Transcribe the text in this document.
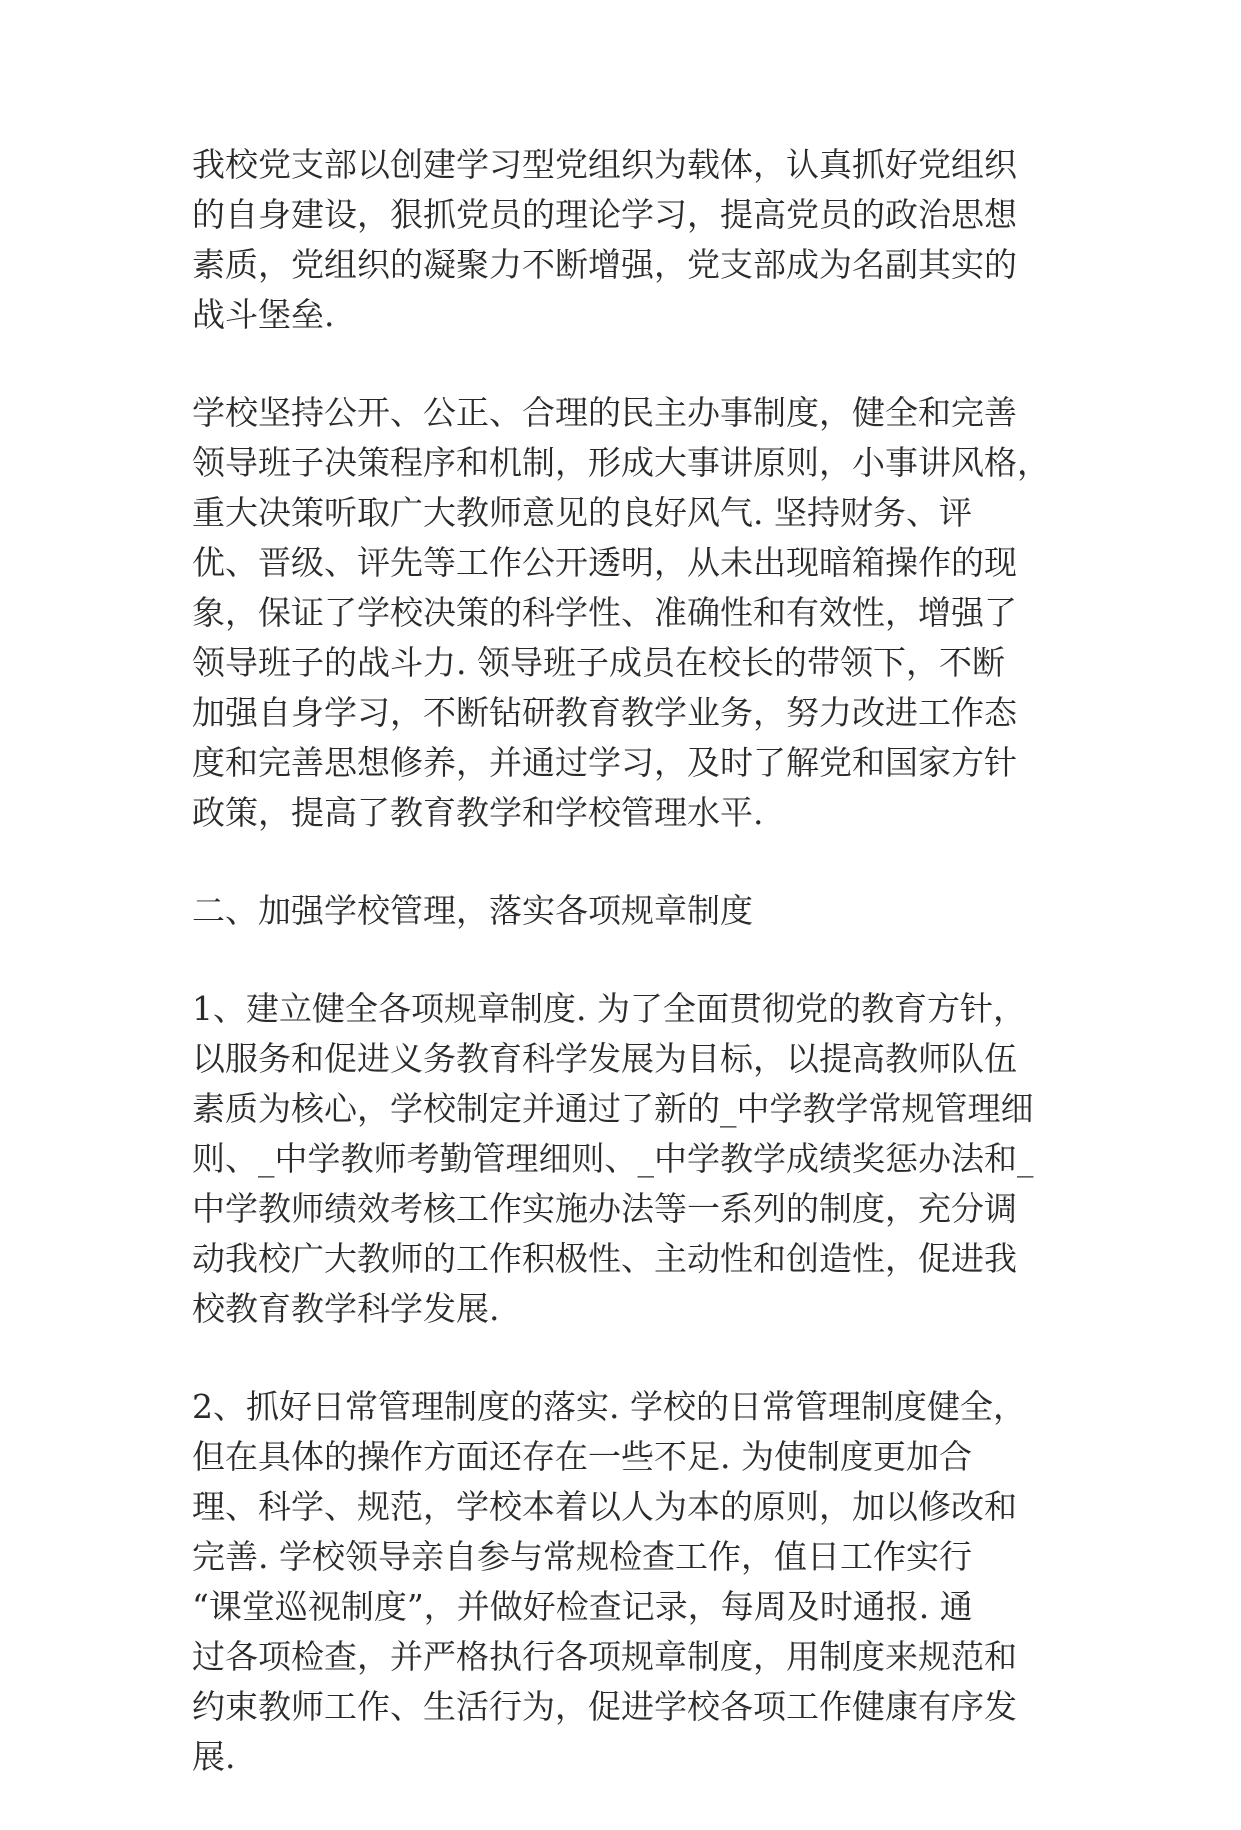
我校党支部以创建学习型党组织为载体，认真抓好党组织
的自身建设，狠抓党员的理论学习，提高党员的政治思想
素质，党组织的凝聚力不断增强，党支部成为名副其实的
战斗堡垒.
学校坚持公开、公正、合理的民主办事制度，健全和完善
领导班子决策程序和机制，形成大事讲原则，小事讲风格，
重大决策听取广大教师意见的良好风气. 坚持财务、评
优、晋级、评先等工作公开透明，从未出现暗箱操作的现
象，保证了学校决策的科学性、准确性和有效性，增强了
领导班子的战斗力. 领导班子成员在校长的带领下，不断
加强自身学习，不断钻研教育教学业务，努力改进工作态
度和完善思想修养，并通过学习，及时了解党和国家方针
政策，提高了教育教学和学校管理水平.
二、加强学校管理，落实各项规章制度
1、建立健全各项规章制度. 为了全面贯彻党的教育方针，
以服务和促进义务教育科学发展为目标，以提高教师队伍
素质为核心，学校制定并通过了新的_中学教学常规管理细
则、_中学教师考勤管理细则、_中学教学成绩奖惩办法和_
中学教师绩效考核工作实施办法等一系列的制度，充分调
动我校广大教师的工作积极性、主动性和创造性，促进我
校教育教学科学发展.
2、抓好日常管理制度的落实. 学校的日常管理制度健全，
但在具体的操作方面还存在一些不足. 为使制度更加合
理、科学、规范，学校本着以人为本的原则，加以修改和
完善. 学校领导亲自参与常规检查工作，值日工作实行
“课堂巡视制度”，并做好检查记录，每周及时通报. 通
过各项检查，并严格执行各项规章制度，用制度来规范和
约束教师工作、生活行为，促进学校各项工作健康有序发
展.
